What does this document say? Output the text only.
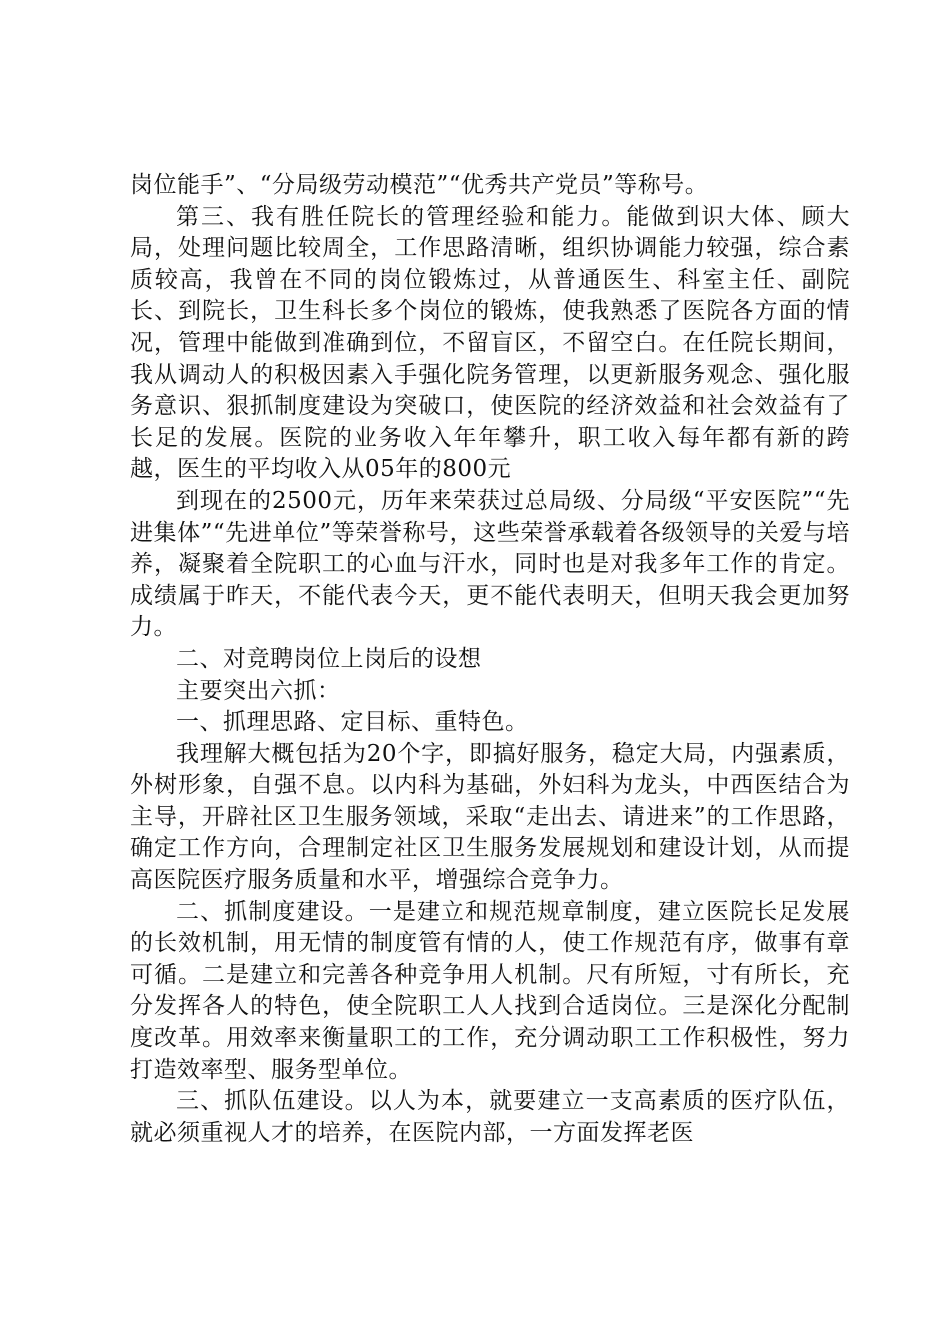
岗位能手”、“分局级劳动模范”“优秀共产党员”等称号。

第三、我有胜任院长的管理经验和能力。能做到识大体、顾大局，处理问题比较周全，工作思路清晰，组织协调能力较强，综合素质较高，我曾在不同的岗位锻炼过，从普通医生、科室主任、副院长、到院长，卫生科长多个岗位的锻炼，使我熟悉了医院各方面的情况，管理中能做到准确到位，不留盲区，不留空白。在任院长期间，我从调动人的积极因素入手强化院务管理，以更新服务观念、强化服务意识、狠抓制度建设为突破口，使医院的经济效益和社会效益有了长足的发展。医院的业务收入年年攀升，职工收入每年都有新的跨越，医生的平均收入从05年的800元

到现在的2500元，历年来荣获过总局级、分局级“平安医院”“先进集体”“先进单位”等荣誉称号，这些荣誉承载着各级领导的关爱与培养，凝聚着全院职工的心血与汗水，同时也是对我多年工作的肯定。成绩属于昨天，不能代表今天，更不能代表明天，但明天我会更加努力。

二、对竞聘岗位上岗后的设想

主要突出六抓：

一、抓理思路、定目标、重特色。

我理解大概包括为20个字，即搞好服务，稳定大局，内强素质，外树形象，自强不息。以内科为基础，外妇科为龙头，中西医结合为主导，开辟社区卫生服务领域，采取“走出去、请进来”的工作思路，确定工作方向，合理制定社区卫生服务发展规划和建设计划，从而提高医院医疗服务质量和水平，增强综合竞争力。

二、抓制度建设。一是建立和规范规章制度，建立医院长足发展的长效机制，用无情的制度管有情的人，使工作规范有序，做事有章可循。二是建立和完善各种竞争用人机制。尺有所短，寸有所长，充分发挥各人的特色，使全院职工人人找到合适岗位。三是深化分配制度改革。用效率来衡量职工的工作，充分调动职工工作积极性，努力打造效率型、服务型单位。

三、抓队伍建设。以人为本，就要建立一支高素质的医疗队伍，就必须重视人才的培养，在医院内部，一方面发挥老医
